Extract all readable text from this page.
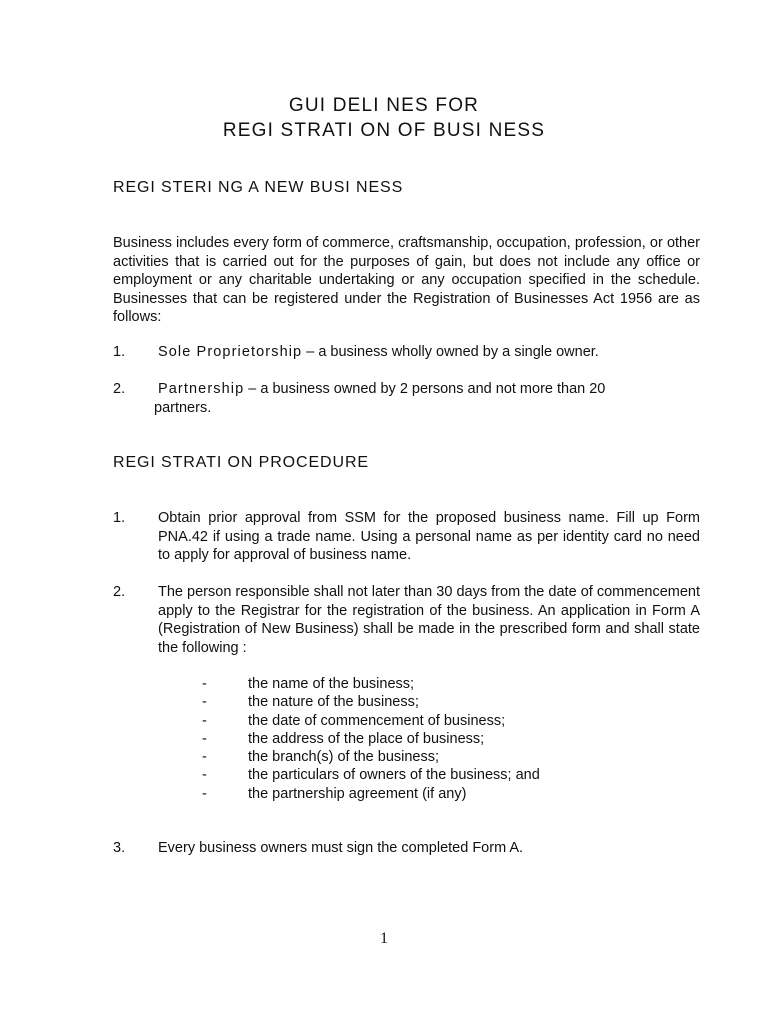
GUI DELI NES FOR
REGI STRATI ON OF BUSI NESS
REGI STERI NG A NEW BUSI NESS
Business includes every form of commerce, craftsmanship, occupation, profession, or other activities that is carried out for the purposes of gain, but does not include any office or employment or any charitable undertaking or any occupation specified in the schedule. Businesses that can be registered under the Registration of Businesses Act 1956 are as follows:
1. Sole Proprietorship – a business wholly owned by a single owner.
2. Partnership – a business owned by 2 persons and not more than 20
partners.
REGI STRATI ON PROCEDURE
1. Obtain prior approval from SSM for the proposed business name. Fill up Form PNA.42 if using a trade name. Using a personal name as per identity card no need to apply for approval of business name.
2. The person responsible shall not later than 30 days from the date of commencement apply to the Registrar for the registration of the business. An application in Form A (Registration of New Business) shall be made in the prescribed form and shall state the following :
-	the name of the business;
-	the nature of the business;
-	the date of commencement of business;
-	the address of the place of business;
-	the branch(s) of the business;
-	the particulars of owners of the business; and
-	the partnership agreement (if any)
3. Every business owners must sign the completed Form A.
1
